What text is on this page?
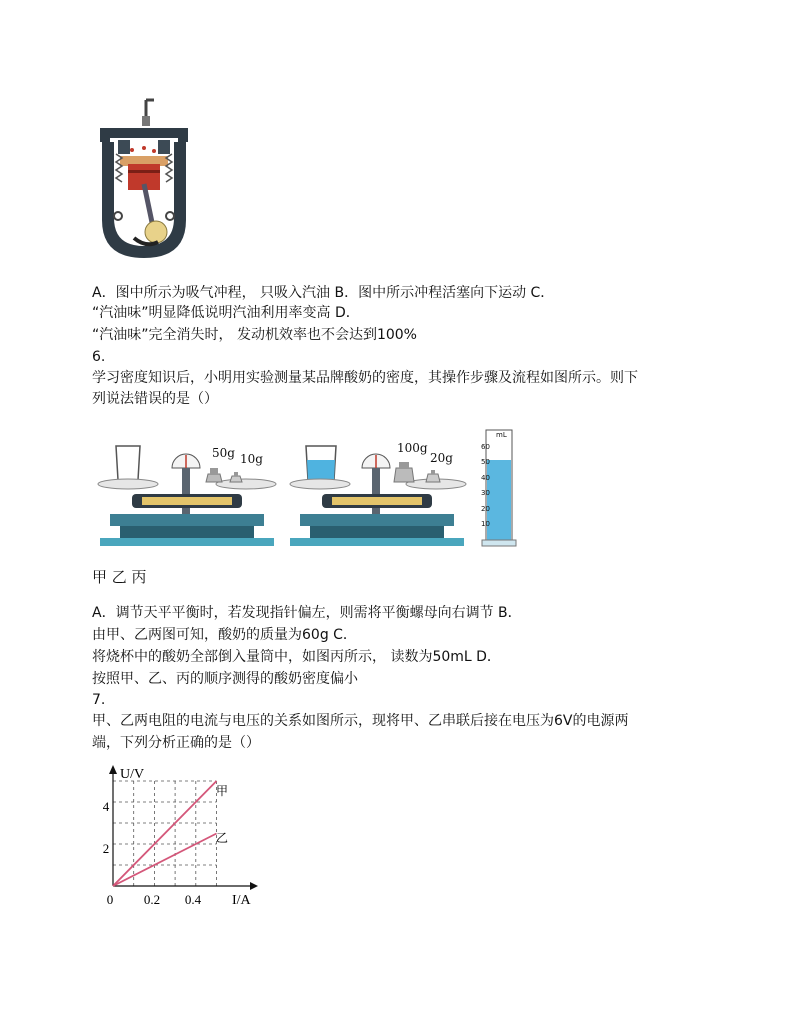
A．图中所示为吸气冲程， 只吸入汽油 B．图中所示冲程活塞向下运动 C．
“汽油味”明显降低说明汽油利用率变高 D．
“汽油味”完全消失时， 发动机效率也不会达到100%
6.
学习密度知识后，小明用实验测量某品牌酸奶的密度，其操作步骤及流程如图所示。则下
列说法错误的是（）
50g 10g
100g
20g
mL
60
50
40
30
20
10
甲 乙 丙
A．调节天平平衡时，若发现指针偏左，则需将平衡螺母向右调节 B．
由甲、乙两图可知，酸奶的质量为60g C．
将烧杯中的酸奶全部倒入量筒中，如图丙所示， 读数为50mL D．
按照甲、乙、丙的顺序测得的酸奶密度偏小
7.
甲、乙两电阻的电流与电压的关系如图所示，现将甲、乙串联后接在电压为6V的电源两
端，下列分析正确的是（）
U/V
I/A
0 0.2 0.4
2
4
甲
乙
